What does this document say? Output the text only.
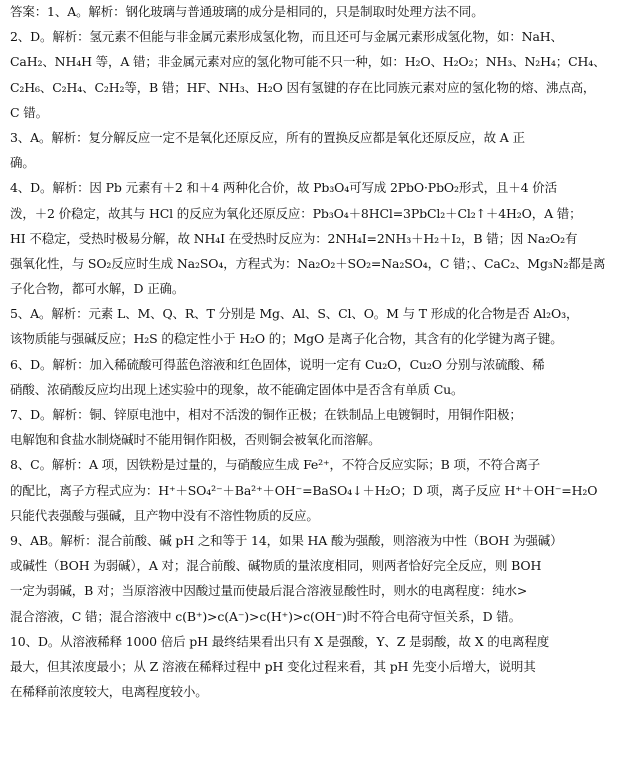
答案：1、A。解析：钢化玻璃与普通玻璃的成分是相同的，只是制取时处理方法不同。
2、D。解析：氢元素不但能与非金属元素形成氢化物，而且还可与金属元素形成氢化物，如：NaH、
CaH₂、NH₄H 等，A 错；非金属元素对应的氢化物可能不只一种，如：H₂O、H₂O₂；NH₃、N₂H₄；CH₄、
C₂H₆、C₂H₄、C₂H₂等，B 错；HF、NH₃、H₂O 因有氢键的存在比同族元素对应的氢化物的熔、沸点高，
C 错。
3、A。解析：复分解反应一定不是氧化还原反应，所有的置换反应都是氧化还原反应，故 A 正
确。
4、D。解析：因 Pb 元素有＋2 和＋4 两种化合价，故 Pb₃O₄可写成 2PbO·PbO₂形式，且＋4 价活
泼，＋2 价稳定，故其与 HCl 的反应为氧化还原反应：Pb₃O₄＋8HCl=3PbCl₂＋Cl₂↑＋4H₂O，A 错；
HI 不稳定，受热时极易分解，故 NH₄I 在受热时反应为：2NH₄I=2NH₃＋H₂＋I₂，B 错；因 Na₂O₂有
强氧化性，与 SO₂反应时生成 Na₂SO₄，方程式为：Na₂O₂＋SO₂=Na₂SO₄，C 错；、CaC₂、Mg₃N₂都是离
子化合物，都可水解，D 正确。
5、A。解析：元素 L、M、Q、R、T 分别是 Mg、Al、S、Cl、O。M 与 T 形成的化合物是否 Al₂O₃，
该物质能与强碱反应；H₂S 的稳定性小于 H₂O 的；MgO 是离子化合物，其含有的化学键为离子键。
6、D。解析：加入稀硫酸可得蓝色溶液和红色固体，说明一定有 Cu₂O，Cu₂O 分别与浓硫酸、稀
硝酸、浓硝酸反应均出现上述实验中的现象，故不能确定固体中是否含有单质 Cu。
7、D。解析：铜、锌原电池中，相对不活泼的铜作正极；在铁制品上电镀铜时，用铜作阳极；
电解饱和食盐水制烧碱时不能用铜作阳极，否则铜会被氧化而溶解。
8、C。解析：A 项，因铁粉是过量的，与硝酸应生成 Fe²⁺，不符合反应实际；B 项，不符合离子
的配比，离子方程式应为：H⁺＋SO₄²⁻＋Ba²⁺＋OH⁻=BaSO₄↓＋H₂O；D 项，离子反应 H⁺＋OH⁻=H₂O
只能代表强酸与强碱，且产物中没有不溶性物质的反应。
9、AB。解析：混合前酸、碱 pH 之和等于 14，如果 HA 酸为强酸，则溶液为中性（BOH 为强碱）
或碱性（BOH 为弱碱），A 对；混合前酸、碱物质的量浓度相同，则两者恰好完全反应，则 BOH
一定为弱碱，B 对；当原溶液中因酸过量而使最后混合溶液显酸性时，则水的电离程度：纯水>
混合溶液，C 错；混合溶液中 c(B⁺)>c(A⁻)>c(H⁺)>c(OH⁻)时不符合电荷守恒关系，D 错。
10、D。从溶液稀释 1000 倍后 pH 最终结果看出只有 X 是强酸，Y、Z 是弱酸，故 X 的电离程度
最大，但其浓度最小；从 Z 溶液在稀释过程中 pH 变化过程来看，其 pH 先变小后增大，说明其
在稀释前浓度较大，电离程度较小。
